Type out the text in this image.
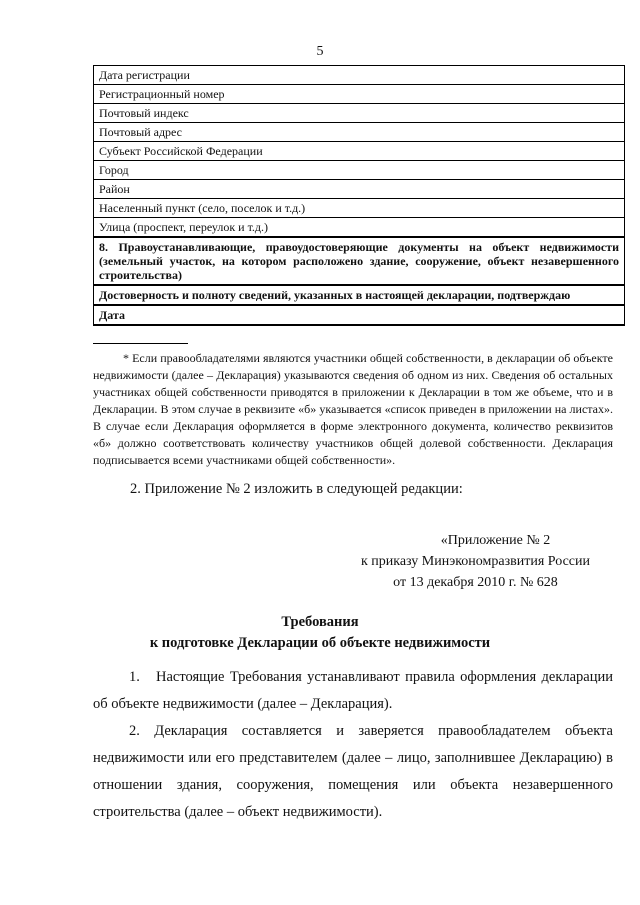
5
Дата регистрации
Регистрационный номер
Почтовый индекс
Почтовый адрес
Субъект Российской Федерации
Город
Район
Населенный пункт (село, поселок и т.д.)
Улица (проспект, переулок и т.д.)
8. Правоустанавливающие, правоудостоверяющие документы на объект недвижимости (земельный участок, на котором расположено здание, сооружение, объект незавершенного строительства)
Достоверность и полноту сведений, указанных в настоящей декларации, подтверждаю
Дата
* Если правообладателями являются участники общей собственности, в декларации об объекте недвижимости (далее – Декларация) указываются сведения об одном из них. Сведения об остальных участниках общей собственности приводятся в приложении к Декларации в том же объеме, что и в Декларации. В этом случае в реквизите «б» указывается «список приведен в приложении на листах». В случае если Декларация оформляется в форме электронного документа, количество реквизитов «б» должно соответствовать количеству участников общей долевой собственности. Декларация подписывается всеми участниками общей собственности».
2. Приложение № 2 изложить в следующей редакции:
«Приложение № 2
к приказу Минэкономразвития России
от 13 декабря 2010 г. № 628
Требования
к подготовке Декларации об объекте недвижимости
1. Настоящие Требования устанавливают правила оформления декларации об объекте недвижимости (далее – Декларация).
2. Декларация составляется и заверяется правообладателем объекта недвижимости или его представителем (далее – лицо, заполнившее Декларацию) в отношении здания, сооружения, помещения или объекта незавершенного строительства (далее – объект недвижимости).
